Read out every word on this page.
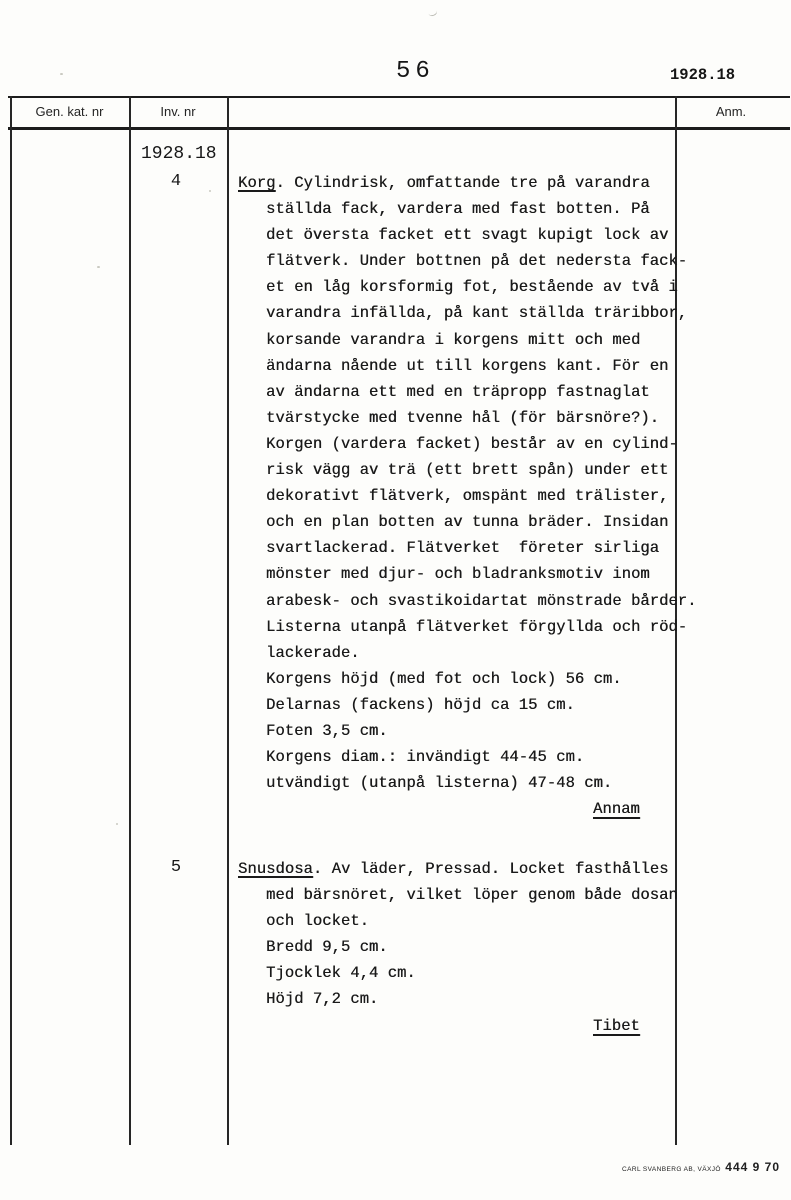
56	1928.18
Gen. kat. nr	Inv. nr	Anm.
1928.18
4	Korg. Cylindrisk, omfattande tre på varandra
ställda fack, vardera med fast botten. På
det översta facket ett svagt kupigt lock av
flätverk. Under bottnen på det nedersta fack-
et en låg korsformig fot, bestående av två i
varandra infällda, på kant ställda träribbor,
korsande varandra i korgens mitt och med
ändarna nående ut till korgens kant. För en
av ändarna ett med en träpropp fastnaglat
tvärstycke med tvenne hål (för bärsnöre?).
Korgen (vardera facket) består av en cylind-
risk vägg av trä (ett brett spån) under ett
dekorativt flätverk, omspänt med trälister,
och en plan botten av tunna bräder. Insidan
svartlackerad. Flätverket  företer sirliga
mönster med djur- och bladranksmotiv inom
arabesk- och svastikoidartat mönstrade bårder.
Listerna utanpå flätverket förgyllda och röd-
lackerade.
Korgens höjd (med fot och lock) 56 cm.
Delarnas (fackens) höjd ca 15 cm.
Foten 3,5 cm.
Korgens diam.: invändigt 44-45 cm.
utvändigt (utanpå listerna) 47-48 cm.
Annam
5	Snusdosa. Av läder, Pressad. Locket fasthålles
med bärsnöret, vilket löper genom både dosan
och locket.
Bredd 9,5 cm.
Tjocklek 4,4 cm.
Höjd 7,2 cm.
Tibet
CARL SVANBERG AB, VÄXJÖ 444 9 70
